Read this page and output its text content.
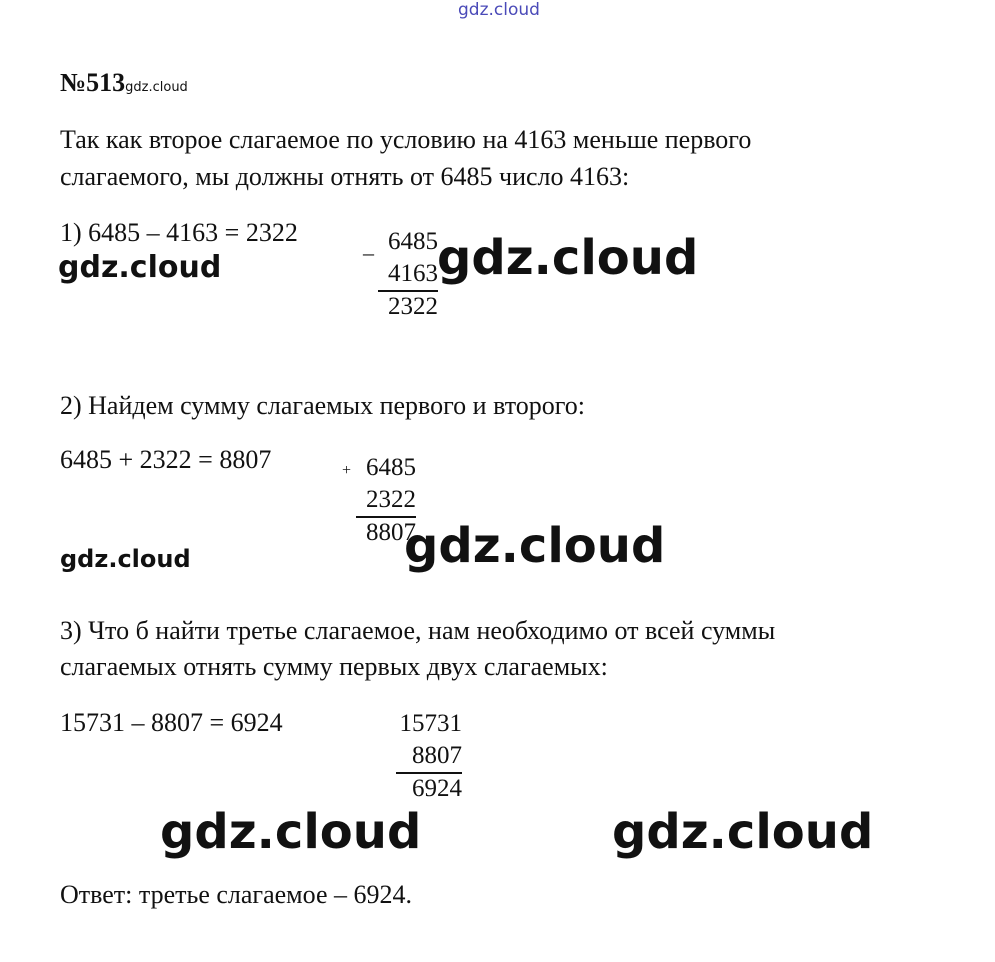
gdz.cloud
№513gdz.cloud
Так как второе слагаемое по условию на 4163 меньше первого
слагаемого, мы должны отнять от 6485 число 4163:
1) 6485 – 4163 = 2322
gdz.cloud	– 6485
4163
2322
gdz.cloud
2) Найдем сумму слагаемых первого и второго:
6485 + 2322 = 8807	+ 6485
2322
8807
gdz.cloud	gdz.cloud
3) Что б найти третье слагаемое, нам необходимо от всей суммы
слагаемых отнять сумму первых двух слагаемых:
15731 – 8807 = 6924	15731
8807
6924
gdz.cloud	gdz.cloud
Ответ: третье слагаемое – 6924.
